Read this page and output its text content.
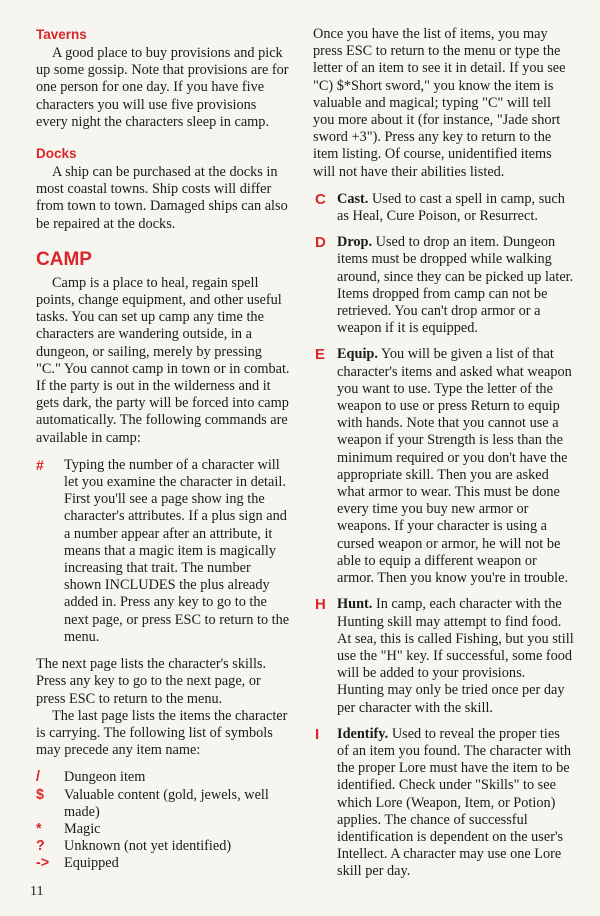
Taverns

A good place to buy provisions and pick up some gossip. Note that provisions are for one person for one day. If you have five characters you will use five provisions every night the characters sleep in camp.

Docks

A ship can be purchased at the docks in most coastal towns. Ship costs will differ from town to town. Damaged ships can also be repaired at the docks.

CAMP

Camp is a place to heal, regain spell points, change equipment, and other useful tasks. You can set up camp any time the characters are wandering outside, in a dungeon, or sailing, merely by pressing "C." You cannot camp in town or in combat. If the party is out in the wilderness and it gets dark, the party will be forced into camp automatically. The following commands are available in camp:

# Typing the number of a character will let you examine the character in detail. First you'll see a page show ing the character's attributes. If a plus sign and a number appear after an attribute, it means that a magic item is magically increasing that trait. The number shown INCLUDES the plus already added in. Press any key to go to the next page, or press ESC to return to the menu.

The next page lists the character's skills. Press any key to go to the next page, or press ESC to return to the menu.

The last page lists the items the character is carrying. The following list of symbols may precede any item name:

/ Dungeon item
$ Valuable content (gold, jewels, well made)
* Magic
? Unknown (not yet identified)
-> Equipped

Once you have the list of items, you may press ESC to return to the menu or type the letter of an item to see it in detail. If you see "C) $*Short sword," you know the item is valuable and magical; typing "C" will tell you more about it (for instance, "Jade short sword +3"). Press any key to return to the item listing. Of course, unidentified items will not have their abilities listed.

C Cast. Used to cast a spell in camp, such as Heal, Cure Poison, or Resurrect.
D Drop. Used to drop an item. Dungeon items must be dropped while walking around, since they can be picked up later. Items dropped from camp can not be retrieved. You can't drop armor or a weapon if it is equipped.
E Equip. You will be given a list of that character's items and asked what weapon you want to use. Type the letter of the weapon to use or press Return to equip with hands. Note that you cannot use a weapon if your Strength is less than the minimum required or you don't have the appropriate skill. Then you are asked what armor to wear. This must be done every time you buy new armor or weapons. If your character is using a cursed weapon or armor, he will not be able to equip a different weapon or armor. Then you know you're in trouble.
H Hunt. In camp, each character with the Hunting skill may attempt to find food. At sea, this is called Fishing, but you still use the "H" key. If successful, some food will be added to your provisions. Hunting may only be tried once per day per character with the skill.
I Identify. Used to reveal the proper ties of an item you found. The character with the proper Lore must have the item to be identified. Check under "Skills" to see which Lore (Weapon, Item, or Potion) applies. The chance of successful identification is dependent on the user's Intellect. A character may use one Lore skill per day.
11
